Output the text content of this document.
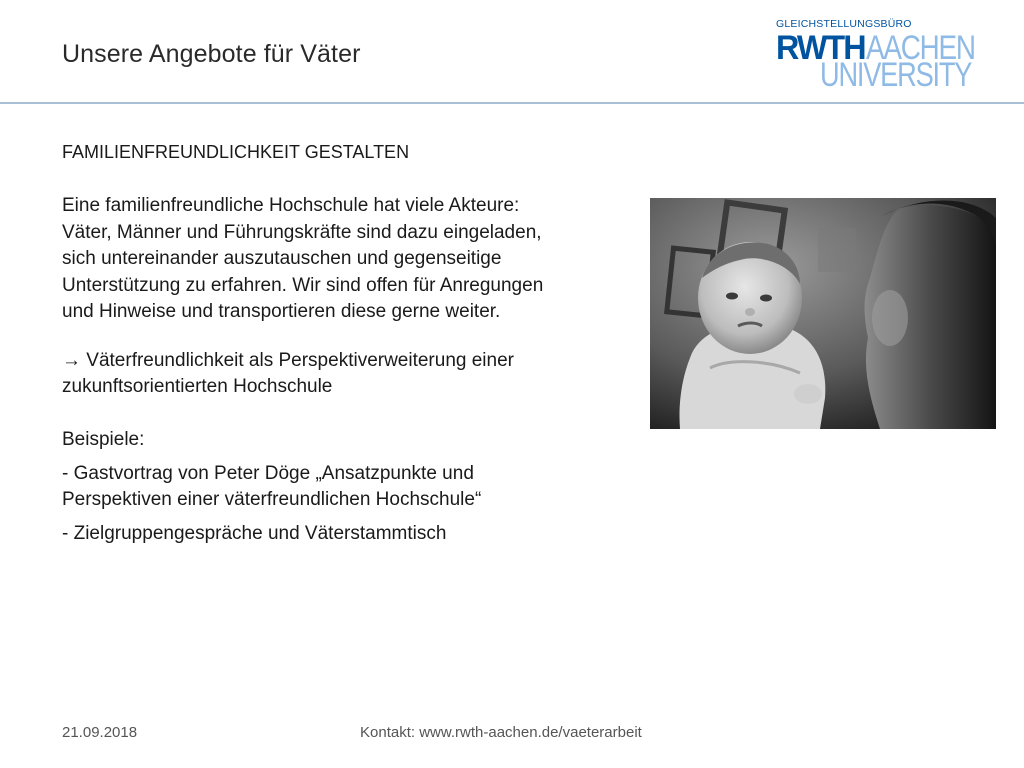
Unsere Angebote für Väter
GLEICHSTELLUNGSBÜRO
RWTH AACHEN
UNIVERSITY
FAMILIENFREUNDLICHKEIT GESTALTEN
Eine familienfreundliche Hochschule hat viele Akteure:
Väter, Männer und Führungskräfte sind dazu eingeladen,
sich untereinander auszutauschen und gegenseitige
Unterstützung zu erfahren. Wir sind offen für Anregungen
und Hinweise und transportieren diese gerne weiter.
→ Väterfreundlichkeit als Perspektiverweiterung einer
zukunftsorientierten Hochschule
Beispiele:
- Gastvortrag von Peter Döge „Ansatzpunkte und
Perspektiven einer väterfreundlichen Hochschule“
- Zielgruppengespräche und Väterstammtisch
21.09.2018	Kontakt: www.rwth-aachen.de/vaeterarbeit
